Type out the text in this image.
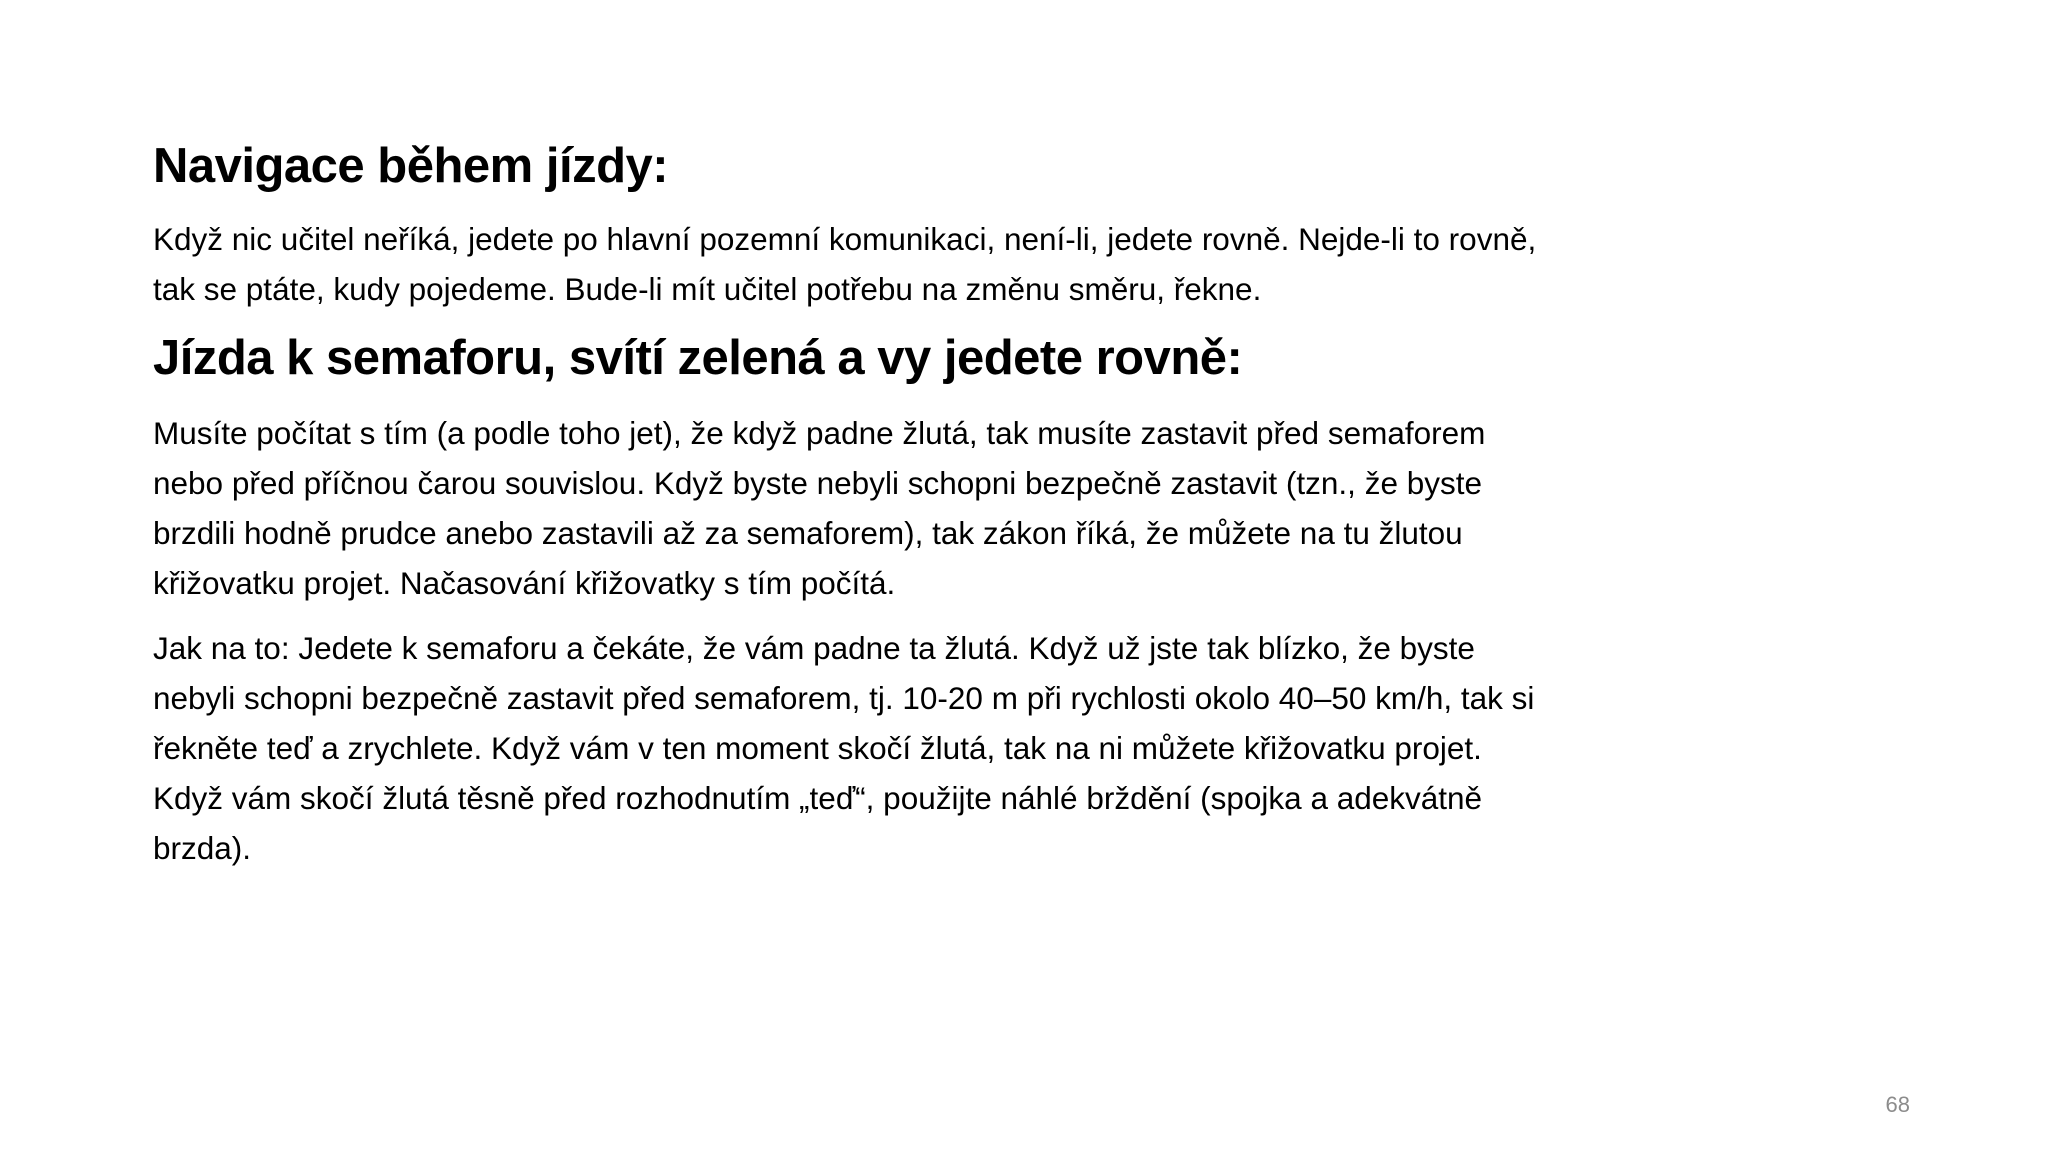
Navigace během jízdy:

Když nic učitel neříká, jedete po hlavní pozemní komunikaci, není-li, jedete rovně. Nejde-li to rovně, tak se ptáte, kudy pojedeme. Bude-li mít učitel potřebu na změnu směru, řekne.

Jízda k semaforu, svítí zelená a vy jedete rovně:

Musíte počítat s tím (a podle toho jet), že když padne žlutá, tak musíte zastavit před semaforem nebo před příčnou čarou souvislou. Když byste nebyli schopni bezpečně zastavit (tzn., že byste brzdili hodně prudce anebo zastavili až za semaforem), tak zákon říká, že můžete na tu žlutou křižovatku projet. Načasování křižovatky s tím počítá.

Jak na to: Jedete k semaforu a čekáte, že vám padne ta žlutá. Když už jste tak blízko, že byste nebyli schopni bezpečně zastavit před semaforem, tj. 10-20 m při rychlosti okolo 40–50 km/h, tak si řekněte teď a zrychlete. Když vám v ten moment skočí žlutá, tak na ni můžete křižovatku projet. Když vám skočí žlutá těsně před rozhodnutím „teď“, použijte náhlé brždění (spojka a adekvátně brzda).

68
